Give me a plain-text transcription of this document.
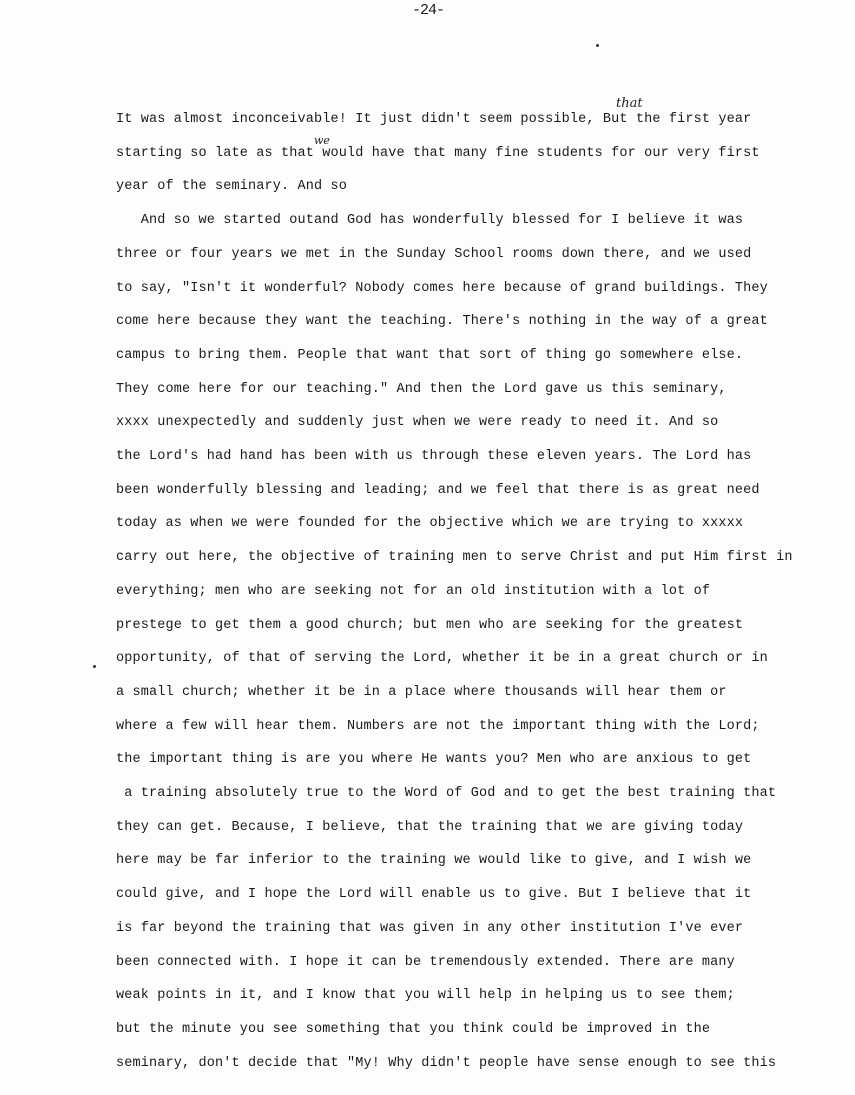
-24-
that
we
It was almost inconceivable! It just didn't seem possible, But the first year
starting so late as that would have that many fine students for our very first
year of the seminary. And so
And so we started outand God has wonderfully blessed for I believe it was
three or four years we met in the Sunday School rooms down there, and we used
to say, "Isn't it wonderful? Nobody comes here because of grand buildings. They
come here because they want the teaching. There's nothing in the way of a great
campus to bring them. People that want that sort of thing go somewhere else.
They come here for our teaching." And then the Lord gave us this seminary,
xxxx unexpectedly and suddenly just when we were ready to need it. And so
the Lord's had hand has been with us through these eleven years. The Lord has
been wonderfully blessing and leading; and we feel that there is as great need
today as when we were founded for the objective which we are trying to xxxxx
carry out here, the objective of training men to serve Christ and put Him first in
everything; men who are seeking not for an old institution with a lot of
prestege to get them a good church; but men who are seeking for the greatest
opportunity, of that of serving the Lord, whether it be in a great church or in
a small church; whether it be in a place where thousands will hear them or
where a few will hear them. Numbers are not the important thing with the Lord;
the important thing is are you where He wants you? Men who are anxious to get
a training absolutely true to the Word of God and to get the best training that
they can get. Because, I believe, that the training that we are giving today
here may be far inferior to the training we would like to give, and I wish we
could give, and I hope the Lord will enable us to give. But I believe that it
is far beyond the training that was given in any other institution I've ever
been connected with. I hope it can be tremendously extended. There are many
weak points in it, and I know that you will help in helping us to see them;
but the minute you see something that you think could be improved in the
seminary, don't decide that "My! Why didn't people have sense enough to see this
